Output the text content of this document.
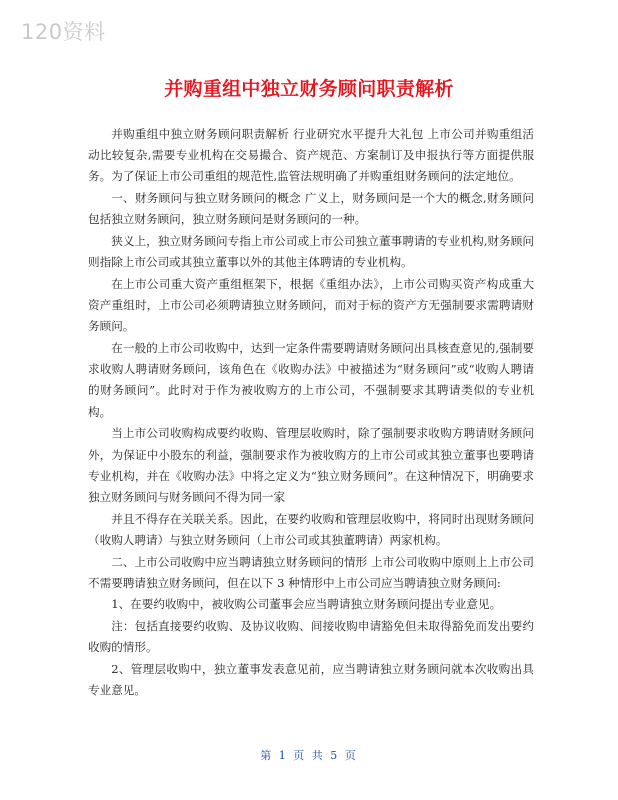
120资料
并购重组中独立财务顾问职责解析

并购重组中独立财务顾问职责解析 行业研究水平提升大礼包 上市公司并购重组活动比较复杂,需要专业机构在交易撮合、资产规范、方案制订及申报执行等方面提供服务。为了保证上市公司重组的规范性,监管法规明确了并购重组财务顾问的法定地位。

一、财务顾问与独立财务顾问的概念 广义上，财务顾问是一个大的概念,财务顾问包括独立财务顾问，独立财务顾问是财务顾问的一种。

狭义上，独立财务顾问专指上市公司或上市公司独立董事聘请的专业机构,财务顾问则指除上市公司或其独立董事以外的其他主体聘请的专业机构。

在上市公司重大资产重组框架下，根据《重组办法》，上市公司购买资产构成重大资产重组时，上市公司必须聘请独立财务顾问，而对于标的资产方无强制要求需聘请财务顾问。

在一般的上市公司收购中，达到一定条件需要聘请财务顾问出具核查意见的,强制要求收购人聘请财务顾问，该角色在《收购办法》中被描述为“财务顾问”或“收购人聘请的财务顾问”。此时对于作为被收购方的上市公司，不强制要求其聘请类似的专业机构。

当上市公司收购构成要约收购、管理层收购时，除了强制要求收购方聘请财务顾问外，为保证中小股东的利益，强制要求作为被收购方的上市公司或其独立董事也要聘请专业机构，并在《收购办法》中将之定义为“独立财务顾问”。在这种情况下，明确要求独立财务顾问与财务顾问不得为同一家

并且不得存在关联关系。因此，在要约收购和管理层收购中，将同时出现财务顾问（收购人聘请）与独立财务顾问（上市公司或其独董聘请）两家机构。

二、上市公司收购中应当聘请独立财务顾问的情形 上市公司收购中原则上上市公司不需要聘请独立财务顾问，但在以下 3 种情形中上市公司应当聘请独立财务顾问:

1、在要约收购中，被收购公司董事会应当聘请独立财务顾问提出专业意见。

注：包括直接要约收购、及协议收购、间接收购申请豁免但未取得豁免而发出要约收购的情形。

2、管理层收购中，独立董事发表意见前，应当聘请独立财务顾问就本次收购出具专业意见。

第 1 页 共 5 页
